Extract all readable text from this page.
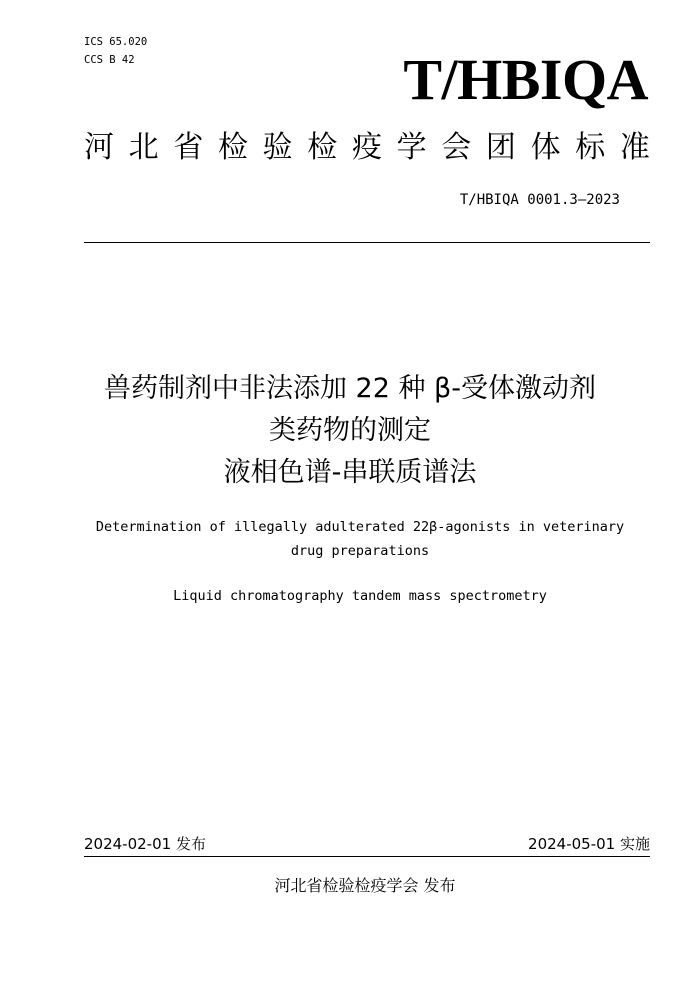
ICS 65.020
CCS B 42	T/HBIQA
河 北 省 检 验 检 疫 学 会 团 体 标 准
T/HBIQA 0001.3—2023
兽药制剂中非法添加 22 种 β-受体激动剂
类药物的测定
液相色谱-串联质谱法
Determination of illegally adulterated 22β-agonists in veterinary
drug preparations
Liquid chromatography tandem mass spectrometry
2024-02-01 发布	2024-05-01 实施
河北省检验检疫学会 发布
